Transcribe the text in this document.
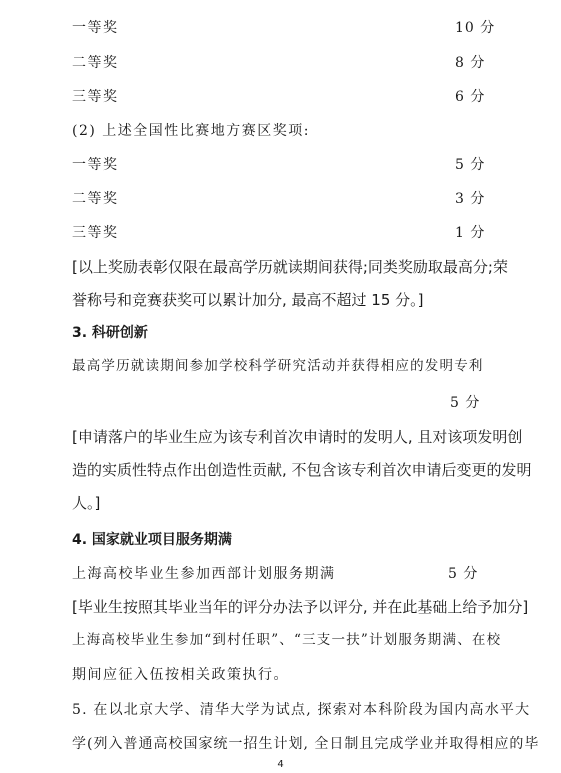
一等奖	10 分
二等奖	8 分
三等奖	6 分
(2) 上述全国性比赛地方赛区奖项:
一等奖	5 分
二等奖	3 分
三等奖	1 分
[以上奖励表彰仅限在最高学历就读期间获得;同类奖励取最高分;荣
誉称号和竞赛获奖可以累计加分, 最高不超过 15 分。]
3. 科研创新
最高学历就读期间参加学校科学研究活动并获得相应的发明专利
5 分
[申请落户的毕业生应为该专利首次申请时的发明人, 且对该项发明创
造的实质性特点作出创造性贡献, 不包含该专利首次申请后变更的发明
人。]
4. 国家就业项目服务期满
上海高校毕业生参加西部计划服务期满	5 分
[毕业生按照其毕业当年的评分办法予以评分, 并在此基础上给予加分]
上海高校毕业生参加“到村任职”、“三支一扶”计划服务期满、在校
期间应征入伍按相关政策执行。
5. 在以北京大学、清华大学为试点, 探索对本科阶段为国内高水平大
学(列入普通高校国家统一招生计划, 全日制且完成学业并取得相应的毕
4
